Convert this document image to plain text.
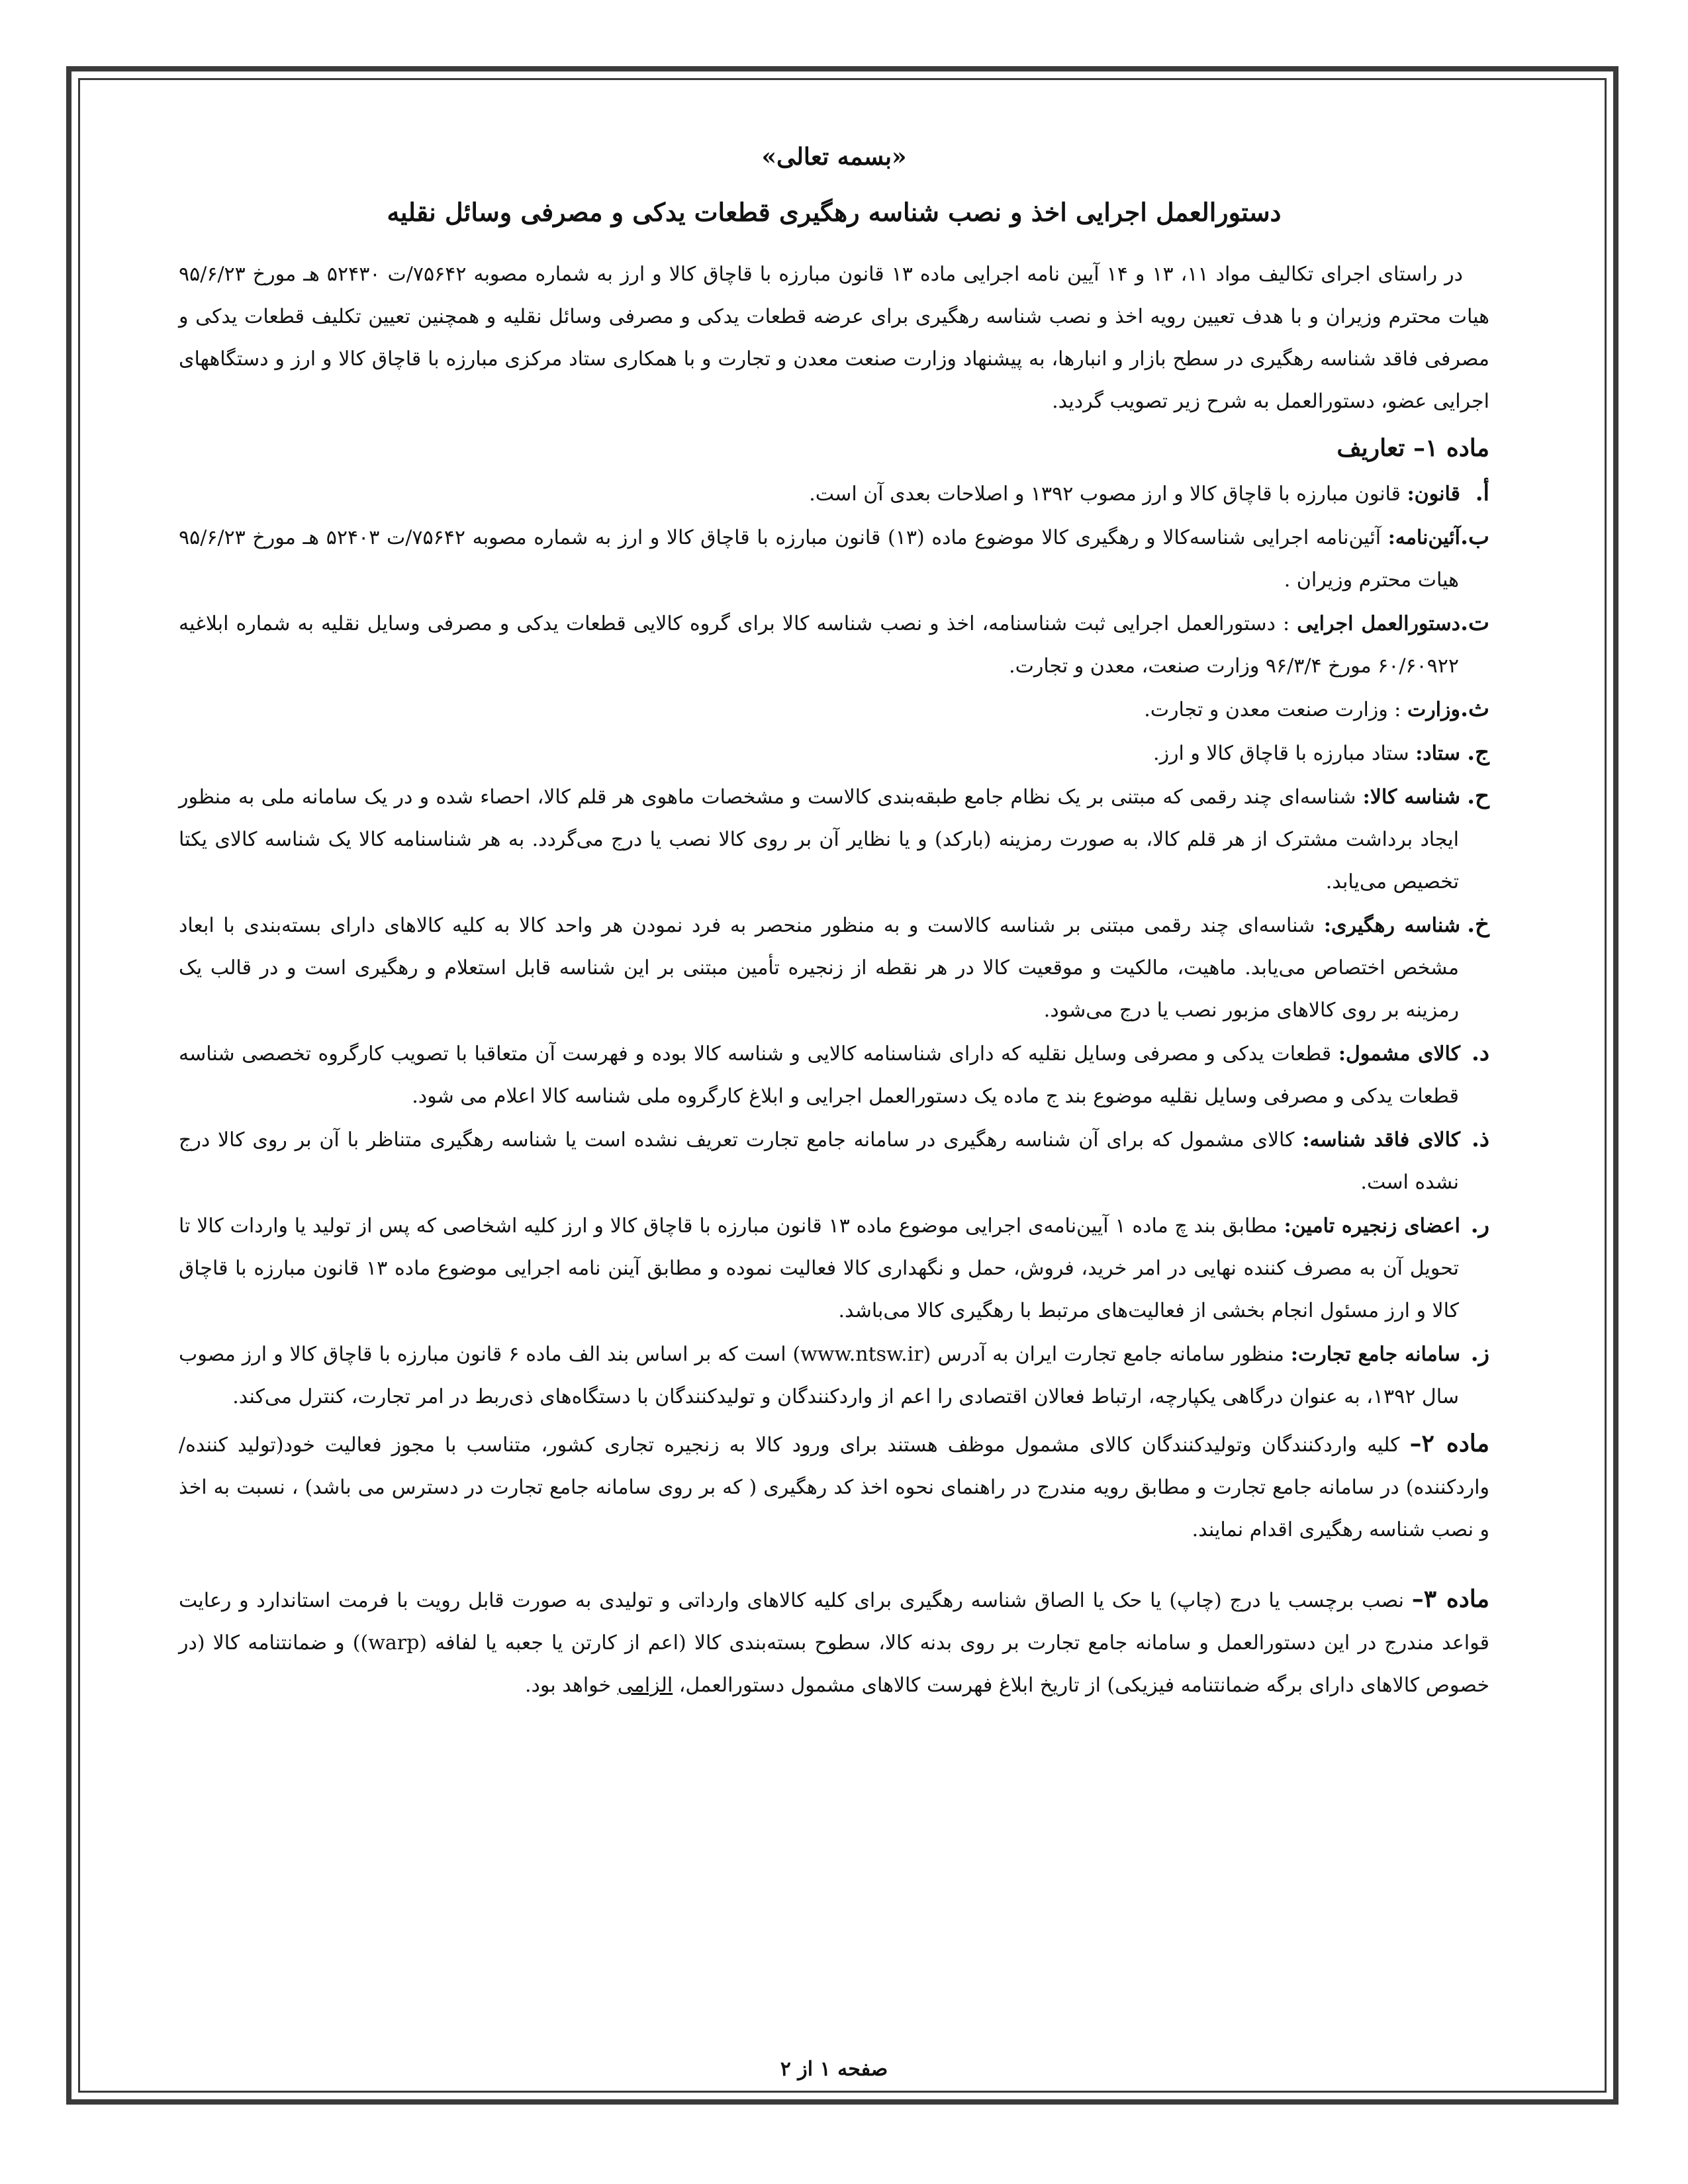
«بسمه تعالی»
دستورالعمل اجرایی اخذ و نصب شناسه رهگیری قطعات یدکی و مصرفی وسائل نقلیه

در راستای اجرای تکالیف مواد ۱۱، ۱۳ و ۱۴ آیین نامه اجرایی ماده ۱۳ قانون مبارزه با قاچاق کالا و ارز به شماره مصوبه ۷۵۶۴۲/ت ۵۲۴۳۰ هـ مورخ ۹۵/۶/۲۳ هیات محترم وزیران و با هدف تعیین رویه اخذ و نصب شناسه رهگیری برای عرضه قطعات یدکی و مصرفی وسائل نقلیه و همچنین تعیین تکلیف قطعات یدکی و مصرفی فاقد شناسه رهگیری در سطح بازار و انبارها، به پیشنهاد وزارت صنعت معدن و تجارت و با همکاری ستاد مرکزی مبارزه با قاچاق کالا و ارز و دستگاههای اجرایی عضو، دستورالعمل به شرح زیر تصویب گردید.

ماده ۱– تعاریف

أ.قانون: قانون مبارزه با قاچاق کالا و ارز مصوب ۱۳۹۲ و اصلاحات بعدی آن است.

ب.آئین‌نامه: آئین‌نامه اجرایی شناسه‌کالا و رهگیری کالا موضوع ماده (۱۳) قانون مبارزه با قاچاق کالا و ارز به شماره مصوبه ۷۵۶۴۲/ت ۵۲۴۰۳ هـ مورخ ۹۵/۶/۲۳ هیات محترم وزیران .

ت.دستورالعمل اجرایی : دستورالعمل اجرایی ثبت شناسنامه، اخذ و نصب شناسه کالا برای گروه کالایی قطعات یدکی و مصرفی وسایل نقلیه به شماره ابلاغیه ۶۰/۶۰۹۲۲ مورخ ۹۶/۳/۴ وزارت صنعت، معدن و تجارت.

ث.وزارت : وزارت صنعت معدن و تجارت.

ج.ستاد: ستاد مبارزه با قاچاق کالا و ارز.

ح.شناسه کالا: شناسه‌ای چند رقمی که مبتنی بر یک نظام جامع طبقه‌بندی کالاست و مشخصات ماهوی هر قلم کالا، احصاء شده و در یک سامانه ملی به منظور ایجاد برداشت مشترک از هر قلم کالا، به صورت رمزینه (بارکد) و یا نظایر آن بر روی کالا نصب یا درج می‌گردد. به هر شناسنامه کالا یک شناسه کالای یکتا تخصیص می‌یابد.

خ.شناسه رهگیری: شناسه‌ای چند رقمی مبتنی بر شناسه کالاست و به منظور منحصر به فرد نمودن هر واحد کالا به کلیه کالاهای دارای بسته‌بندی با ابعاد مشخص اختصاص می‌یابد. ماهیت، مالکیت و موقعیت کالا در هر نقطه از زنجیره تأمین مبتنی بر این شناسه قابل استعلام و رهگیری است و در قالب یک رمزینه بر روی کالاهای مزبور نصب یا درج می‌شود.

د.کالای مشمول: قطعات یدکی و مصرفی وسایل نقلیه که دارای شناسنامه کالایی و شناسه کالا بوده و فهرست آن متعاقبا با تصویب کارگروه تخصصی شناسه قطعات یدکی و مصرفی وسایل نقلیه موضوع بند ج ماده یک دستورالعمل اجرایی و ابلاغ کارگروه ملی شناسه کالا اعلام می شود.

ذ.کالای فاقد شناسه: کالای مشمول که برای آن شناسه رهگیری در سامانه جامع تجارت تعریف نشده است یا شناسه رهگیری متناظر با آن بر روی کالا درج نشده است.

ر.اعضای زنجیره تامین: مطابق بند چ ماده ۱ آیین‌نامه‌ی اجرایی موضوع ماده ۱۳ قانون مبارزه با قاچاق کالا و ارز کلیه اشخاصی که پس از تولید یا واردات کالا تا تحویل آن به مصرف کننده نهایی در امر خرید، فروش، حمل و نگهداری کالا فعالیت نموده و مطابق آینن نامه اجرایی موضوع ماده ۱۳ قانون مبارزه با قاچاق کالا و ارز مسئول انجام بخشی از فعالیت‌های مرتبط با رهگیری کالا می‌باشد.

ز.سامانه جامع تجارت: منظور سامانه جامع تجارت ایران به آدرس (www.ntsw.ir) است که بر اساس بند الف ماده ۶ قانون مبارزه با قاچاق کالا و ارز مصوب سال ۱۳۹۲، به عنوان درگاهی یکپارچه، ارتباط فعالان اقتصادی را اعم از واردکنندگان و تولیدکنندگان با دستگاه‌های ذی‌ربط در امر تجارت، کنترل می‌کند.

ماده ۲– کلیه واردکنندگان وتولیدکنندگان کالای مشمول موظف هستند برای ورود کالا به زنجیره تجاری کشور، متناسب با مجوز فعالیت خود(تولید کننده/ واردکننده) در سامانه جامع تجارت و مطابق رویه مندرج در راهنمای نحوه اخذ کد رهگیری ( که بر روی سامانه جامع تجارت در دسترس می باشد) ، نسبت به اخذ و نصب شناسه رهگیری اقدام نمایند.

ماده ۳– نصب برچسب یا درج (چاپ) یا حک یا الصاق شناسه رهگیری برای کلیه کالاهای وارداتی و تولیدی به صورت قابل رویت با فرمت استاندارد و رعایت قواعد مندرج در این دستورالعمل و سامانه جامع تجارت بر روی بدنه کالا، سطوح بسته‌بندی کالا (اعم از کارتن یا جعبه یا لفافه (warp)) و ضمانتنامه کالا (در خصوص کالاهای دارای برگه ضمانتنامه فیزیکی) از تاریخ ابلاغ فهرست کالاهای مشمول دستورالعمل، الزامی خواهد بود.

صفحه ۱ از ۲
